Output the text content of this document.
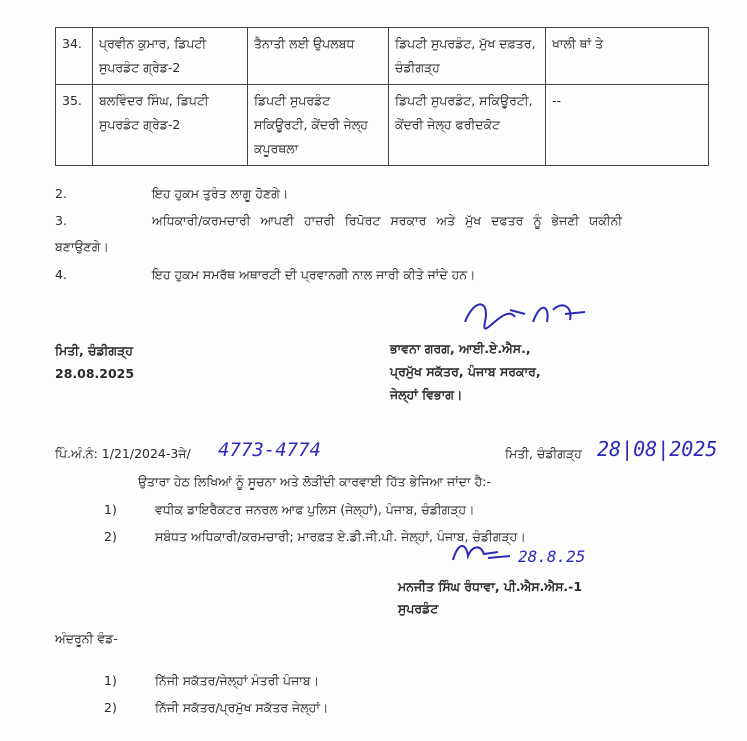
34.	ਪ੍ਰਵੀਨ ਕੁਮਾਰ, ਡਿਪਟੀ ਸੁਪਰਡੰਟ ਗ੍ਰੇਡ-2	ਤੈਨਾਤੀ ਲਈ ਉਪਲਬਧ	ਡਿਪਟੀ ਸੁਪਰਡੰਟ, ਮੁੱਖ ਦਫ਼ਤਰ, ਚੰਡੀਗੜ੍ਹ	ਖਾਲੀ ਥਾਂ ਤੇ
35.	ਬਲਵਿੰਦਰ ਸਿੰਘ, ਡਿਪਟੀ ਸੁਪਰਡੰਟ ਗ੍ਰੇਡ-2	ਡਿਪਟੀ ਸੁਪਰਡੰਟ ਸਕਿਊਰਟੀ, ਕੇਂਦਰੀ ਜੇਲ੍ਹ ਕਪੂਰਥਲਾ	ਡਿਪਟੀ ਸੁਪਰਡੰਟ, ਸਕਿਊਰਟੀ, ਕੇਂਦਰੀ ਜੇਲ੍ਹ ਫਰੀਦਕੋਟ	--
2.	ਇਹ ਹੁਕਮ ਤੁਰੰਤ ਲਾਗੂ ਹੋਣਗੇ।
3.	ਅਧਿਕਾਰੀ/ਕਰਮਚਾਰੀ ਆਪਣੀ ਹਾਜ਼ਰੀ ਰਿਪੋਰਟ ਸਰਕਾਰ ਅਤੇ ਮੁੱਖ ਦਫਤਰ ਨੂੰ ਭੇਜਣੀ ਯਕੀਨੀ
ਬਣਾਉਣਗੇ।
4.	ਇਹ ਹੁਕਮ ਸਮਰੱਥ ਅਥਾਰਟੀ ਦੀ ਪ੍ਰਵਾਨਗੀ ਨਾਲ ਜਾਰੀ ਕੀਤੇ ਜਾਂਦੇ ਹਨ।
ਮਿਤੀ, ਚੰਡੀਗੜ੍ਹ
28.08.2025
ਭਾਵਨਾ ਗਰਗ, ਆਈ.ਏ.ਐਸ.,
ਪ੍ਰਮੁੱਖ ਸਕੱਤਰ, ਪੰਜਾਬ ਸਰਕਾਰ,
ਜੇਲ੍ਹਾਂ ਵਿਭਾਗ।
ਪਿੰ.ਅੰ.ਨੰ: 1/21/2024-3ਜੇ/ 4773-4774	ਮਿਤੀ, ਚੰਡੀਗੜ੍ਹ 28|08|2025
ਉਤਾਰਾ ਹੇਠ ਲਿਖਿਆਂ ਨੂੰ ਸੂਚਨਾ ਅਤੇ ਲੋੜੀਂਦੀ ਕਾਰਵਾਈ ਹਿੱਤ ਭੇਜਿਆ ਜਾਂਦਾ ਹੈ:-
1)	ਵਧੀਕ ਡਾਇਰੈਕਟਰ ਜਨਰਲ ਆਫ ਪੁਲਿਸ (ਜੇਲ੍ਹਾਂ), ਪੰਜਾਬ, ਚੰਡੀਗੜ੍ਹ।
2)	ਸਬੰਧਤ ਅਧਿਕਾਰੀ/ਕਰਮਚਾਰੀ; ਮਾਰਫ਼ਤ ਏ.ਡੀ.ਜੀ.ਪੀ. ਜੇਲ੍ਹਾਂ, ਪੰਜਾਬ, ਚੰਡੀਗੜ੍ਹ।
28.8.25
ਮਨਜੀਤ ਸਿੰਘ ਰੰਧਾਵਾ, ਪੀ.ਐਸ.ਐਸ.-1
ਸੁਪਰਡੰਟ
ਅੰਦਰੂਨੀ ਵੰਡ-
1)	ਨਿੱਜੀ ਸਕੱਤਰ/ਜੇਲ੍ਹਾਂ ਮੰਤਰੀ ਪੰਜਾਬ।
2)	ਨਿੱਜੀ ਸਕੱਤਰ/ਪ੍ਰਮੁੱਖ ਸਕੱਤਰ ਜੇਲ੍ਹਾਂ।
